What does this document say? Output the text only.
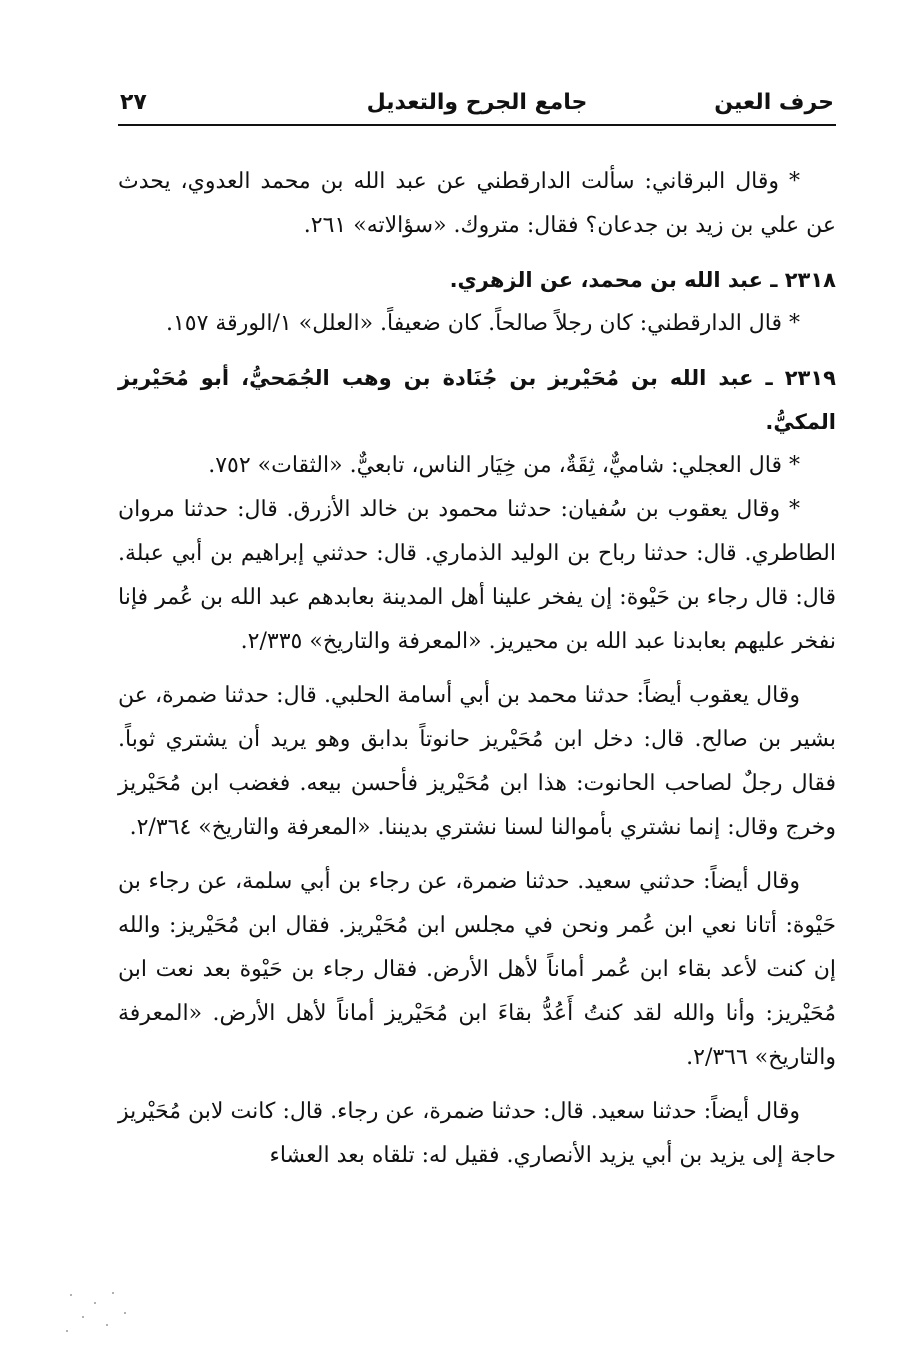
حرف العين
جامع الجرح والتعديل
٢٧

* وقال البرقاني: سألت الدارقطني عن عبد الله بن محمد العدوي، يحدث عن علي بن زيد بن جدعان؟ فقال: متروك. «سؤالاته» ٢٦١.

٢٣١٨ ـ عبد الله بن محمد، عن الزهري.

* قال الدارقطني: كان رجلاً صالحاً. كان ضعيفاً. «العلل» ١/الورقة ١٥٧.

٢٣١٩ ـ عبد الله بن مُحَيْريز بن جُنَادة بن وهب الجُمَحيُّ، أبو مُحَيْريز المكيُّ.

* قال العجلي: شاميٌّ، ثِقَةٌ، من خِيَار الناس، تابعيٌّ. «الثقات» ٧٥٢.

* وقال يعقوب بن سُفيان: حدثنا محمود بن خالد الأزرق. قال: حدثنا مروان الطاطري. قال: حدثنا رباح بن الوليد الذماري. قال: حدثني إبراهيم بن أبي عبلة. قال: قال رجاء بن حَيْوة: إن يفخر علينا أهل المدينة بعابدهم عبد الله بن عُمر فإنا نفخر عليهم بعابدنا عبد الله بن محيريز. «المعرفة والتاريخ» ٢/٣٣٥.

وقال يعقوب أيضاً: حدثنا محمد بن أبي أسامة الحلبي. قال: حدثنا ضمرة، عن بشير بن صالح. قال: دخل ابن مُحَيْريز حانوتاً بدابق وهو يريد أن يشتري ثوباً. فقال رجلٌ لصاحب الحانوت: هذا ابن مُحَيْريز فأحسن بيعه. فغضب ابن مُحَيْريز وخرج وقال: إنما نشتري بأموالنا لسنا نشتري بديننا. «المعرفة والتاريخ» ٢/٣٦٤.

وقال أيضاً: حدثني سعيد. حدثنا ضمرة، عن رجاء بن أبي سلمة، عن رجاء بن حَيْوة: أتانا نعي ابن عُمر ونحن في مجلس ابن مُحَيْريز. فقال ابن مُحَيْريز: والله إن كنت لأعد بقاء ابن عُمر أماناً لأهل الأرض. فقال رجاء بن حَيْوة بعد نعت ابن مُحَيْريز: وأنا والله لقد كنتُ أَعُدُّ بقاءَ ابن مُحَيْريز أماناً لأهل الأرض. «المعرفة والتاريخ» ٢/٣٦٦.

وقال أيضاً: حدثنا سعيد. قال: حدثنا ضمرة، عن رجاء. قال: كانت لابن مُحَيْريز حاجة إلى يزيد بن أبي يزيد الأنصاري. فقيل له: تلقاه بعد العشاء
